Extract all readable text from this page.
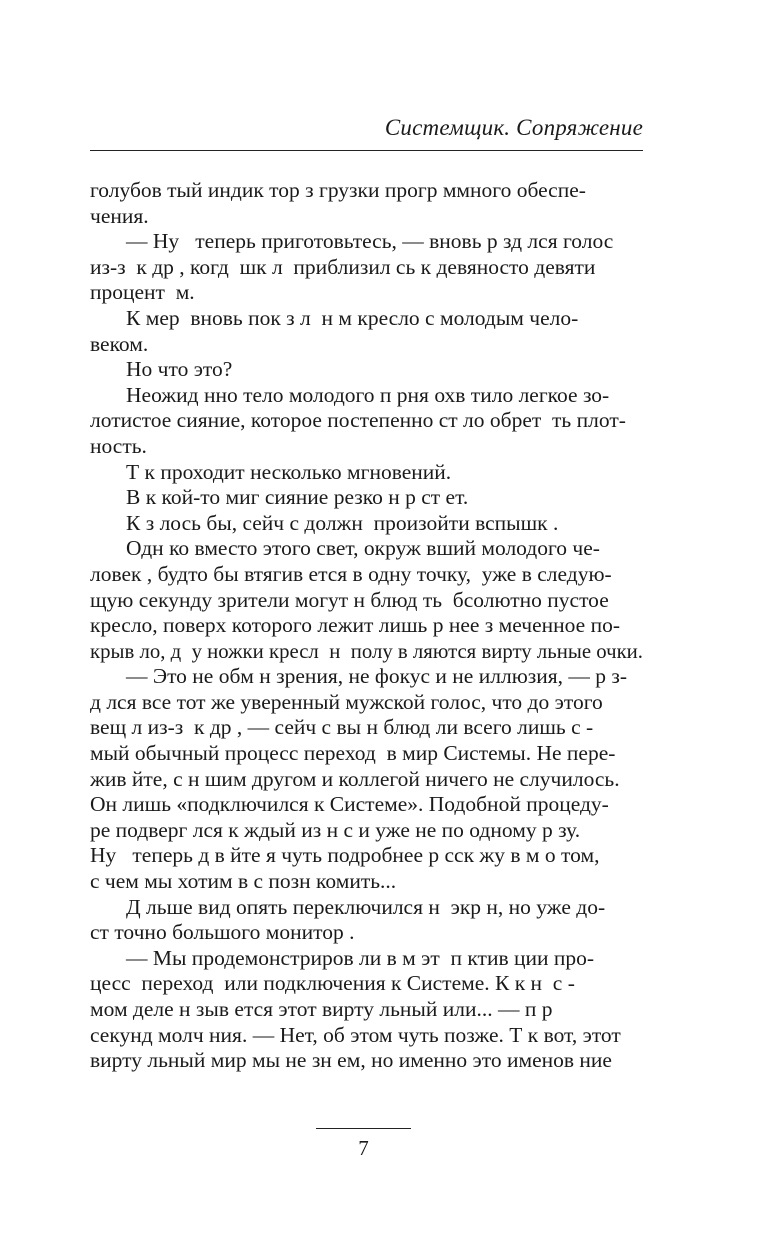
Системщик. Сопряжение
голубов тый индик тор з грузки прогр ммного обеспе-
чения.
— Ну   теперь приготовьтесь, — вновь р зд лся голос
из-з  к др , когд  шк л  приблизил сь к девяносто девяти
процент  м.
К мер  вновь пок з л  н м кресло с молодым чело-
веком.
Но что это?
Неожид нно тело молодого п рня охв тило легкое зо-
лотистое сияние, которое постепенно ст ло обрет  ть плот-
ность.
Т к проходит несколько мгновений.
В к кой-то миг сияние резко н р ст ет.
К з лось бы, сейч с должн  произойти вспышк .
Одн ко вместо этого свет, окруж вший молодого че-
ловек , будто бы втягив ется в одну точку,  уже в следую-
щую секунду зрители могут н блюд ть  бсолютно пустое
кресло, поверх которого лежит лишь р нее з меченное по-
крыв ло, д  у ножки кресл  н  полу в ляются вирту льные очки.
— Это не обм н зрения, не фокус и не иллюзия, — р з-
д лся все тот же уверенный мужской голос, что до этого
вещ л из-з  к др , — сейч с вы н блюд ли всего лишь с -
мый обычный процесс переход  в мир Системы. Не пере-
жив йте, с н шим другом и коллегой ничего не случилось.
Он лишь «подключился к Системе». Подобной процеду-
ре подверг лся к ждый из н с и уже не по одному р зу.
Ну   теперь д в йте я чуть подробнее р сск жу в м о том,
с чем мы хотим в с позн комить...
Д льше вид опять переключился н  экр н, но уже до-
ст точно большого монитор .
— Мы продемонстриров ли в м эт  п ктив ции про-
цесс  переход  или подключения к Системе. К к н  с -
мом деле н зыв ется этот вирту льный или... — п р
секунд молч ния. — Нет, об этом чуть позже. Т к вот, этот
вирту льный мир мы не зн ем, но именно это именов ние
7
